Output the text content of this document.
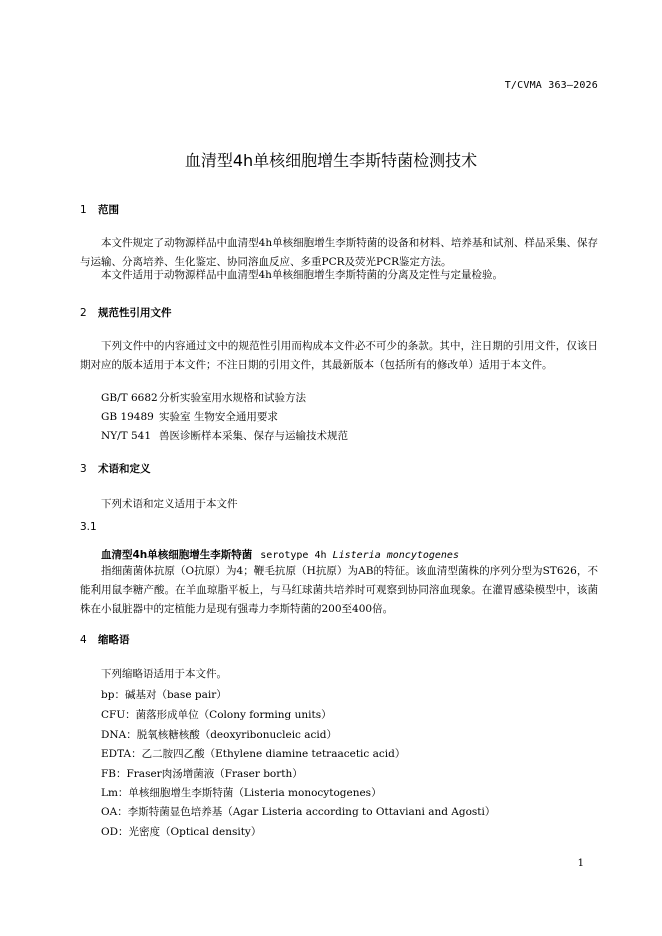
T/CVMA 363—2026
血清型4h单核细胞增生李斯特菌检测技术
1 范围
本文件规定了动物源样品中血清型4h单核细胞增生李斯特菌的设备和材料、培养基和试剂、样品采集、保存与运输、分离培养、生化鉴定、协同溶血反应、多重PCR及荧光PCR鉴定方法。
本文件适用于动物源样品中血清型4h单核细胞增生李斯特菌的分离及定性与定量检验。
2 规范性引用文件
下列文件中的内容通过文中的规范性引用而构成本文件必不可少的条款。其中，注日期的引用文件，仅该日期对应的版本适用于本文件；不注日期的引用文件，其最新版本（包括所有的修改单）适用于本文件。
GB/T 6682分析实验室用水规格和试验方法
GB 19489 实验室 生物安全通用要求
NY/T 541 兽医诊断样本采集、保存与运输技术规范
3 术语和定义
下列术语和定义适用于本文件
3.1
血清型4h单核细胞增生李斯特菌 serotype 4h Listeria moncytogenes
指细菌菌体抗原（O抗原）为4；鞭毛抗原（H抗原）为AB的特征。该血清型菌株的序列分型为ST626，不能利用鼠李糖产酸。在羊血琼脂平板上，与马红球菌共培养时可观察到协同溶血现象。在灌胃感染模型中，该菌株在小鼠脏器中的定植能力是现有强毒力李斯特菌的200至400倍。
4 缩略语
下列缩略语适用于本文件。
bp：碱基对（base pair）
CFU：菌落形成单位（Colony forming units）
DNA：脱氧核糖核酸（deoxyribonucleic acid）
EDTA：乙二胺四乙酸（Ethylene diamine tetraacetic acid）
FB：Fraser肉汤增菌液（Fraser borth）
Lm：单核细胞增生李斯特菌（Listeria monocytogenes）
OA：李斯特菌显色培养基（Agar Listeria according to Ottaviani and Agosti）
OD：光密度（Optical density）
1
